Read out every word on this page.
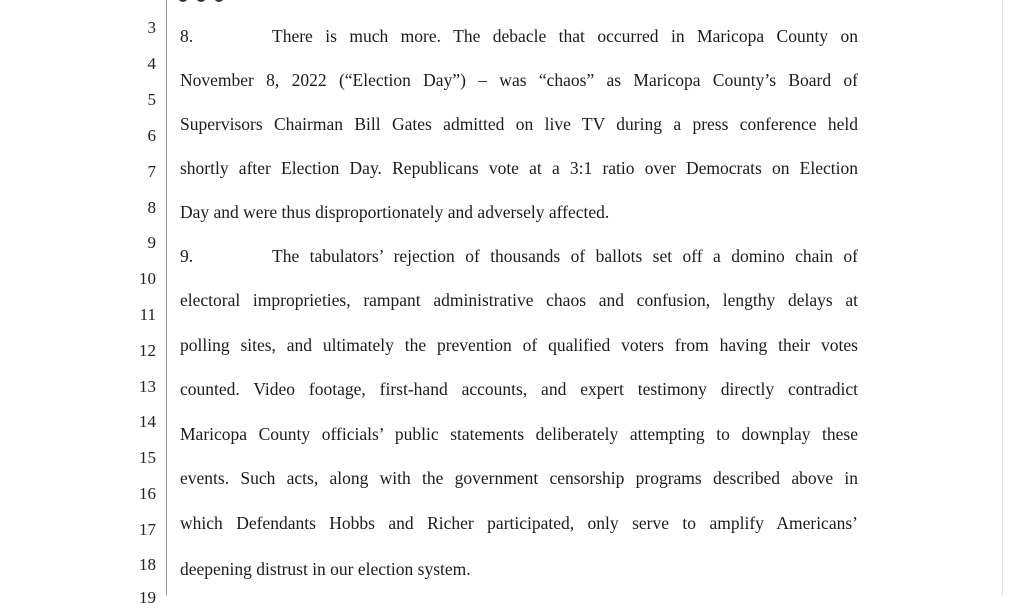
3
4
5
6
7
8
9
10
11
12
13
14
15
16
17
18
19
8.	There is much more. The debacle that occurred in Maricopa County on
November 8, 2022 (“Election Day”) – was “chaos” as Maricopa County’s Board of
Supervisors Chairman Bill Gates admitted on live TV during a press conference held
shortly after Election Day. Republicans vote at a 3:1 ratio over Democrats on Election
Day and were thus disproportionately and adversely affected.
9.	The tabulators’ rejection of thousands of ballots set off a domino chain of
electoral improprieties, rampant administrative chaos and confusion, lengthy delays at
polling sites, and ultimately the prevention of qualified voters from having their votes
counted. Video footage, first-hand accounts, and expert testimony directly contradict
Maricopa County officials’ public statements deliberately attempting to downplay these
events. Such acts, along with the government censorship programs described above in
which Defendants Hobbs and Richer participated, only serve to amplify Americans’
deepening distrust in our election system.
